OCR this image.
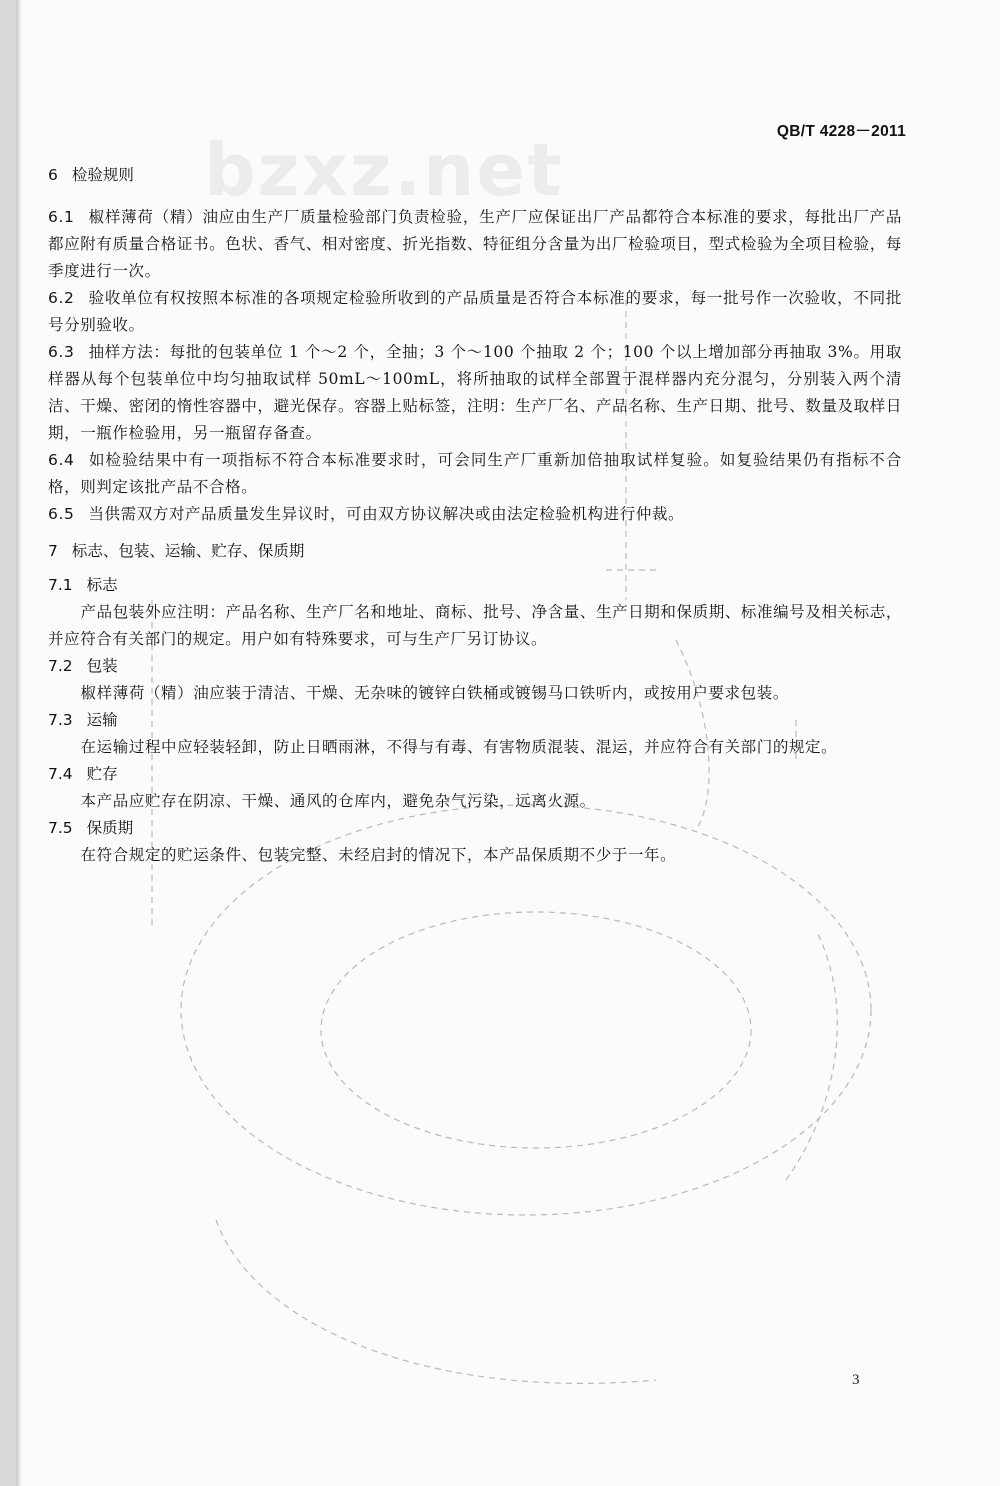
bzxz.net	QB/T 4228－2011
6 检验规则
6.1 椒样薄荷（精）油应由生产厂质量检验部门负责检验，生产厂应保证出厂产品都符合本标准的要求，每批出厂产品都应附有质量合格证书。色状、香气、相对密度、折光指数、特征组分含量为出厂检验项目，型式检验为全项目检验，每季度进行一次。
6.2 验收单位有权按照本标准的各项规定检验所收到的产品质量是否符合本标准的要求，每一批号作一次验收，不同批号分别验收。
6.3 抽样方法：每批的包装单位 1 个～2 个，全抽；3 个～100 个抽取 2 个；100 个以上增加部分再抽取 3%。用取样器从每个包装单位中均匀抽取试样 50mL～100mL，将所抽取的试样全部置于混样器内充分混匀，分别装入两个清洁、干燥、密闭的惰性容器中，避光保存。容器上贴标签，注明：生产厂名、产品名称、生产日期、批号、数量及取样日期，一瓶作检验用，另一瓶留存备查。
6.4 如检验结果中有一项指标不符合本标准要求时，可会同生产厂重新加倍抽取试样复验。如复验结果仍有指标不合格，则判定该批产品不合格。
6.5 当供需双方对产品质量发生异议时，可由双方协议解决或由法定检验机构进行仲裁。
7 标志、包装、运输、贮存、保质期
7.1 标志
产品包装外应注明：产品名称、生产厂名和地址、商标、批号、净含量、生产日期和保质期、标准编号及相关标志，并应符合有关部门的规定。用户如有特殊要求，可与生产厂另订协议。
7.2 包装
椒样薄荷（精）油应装于清洁、干燥、无杂味的镀锌白铁桶或镀锡马口铁听内，或按用户要求包装。
7.3 运输
在运输过程中应轻装轻卸，防止日晒雨淋，不得与有毒、有害物质混装、混运，并应符合有关部门的规定。
7.4 贮存
本产品应贮存在阴凉、干燥、通风的仓库内，避免杂气污染，远离火源。
7.5 保质期
在符合规定的贮运条件、包装完整、未经启封的情况下，本产品保质期不少于一年。
3
